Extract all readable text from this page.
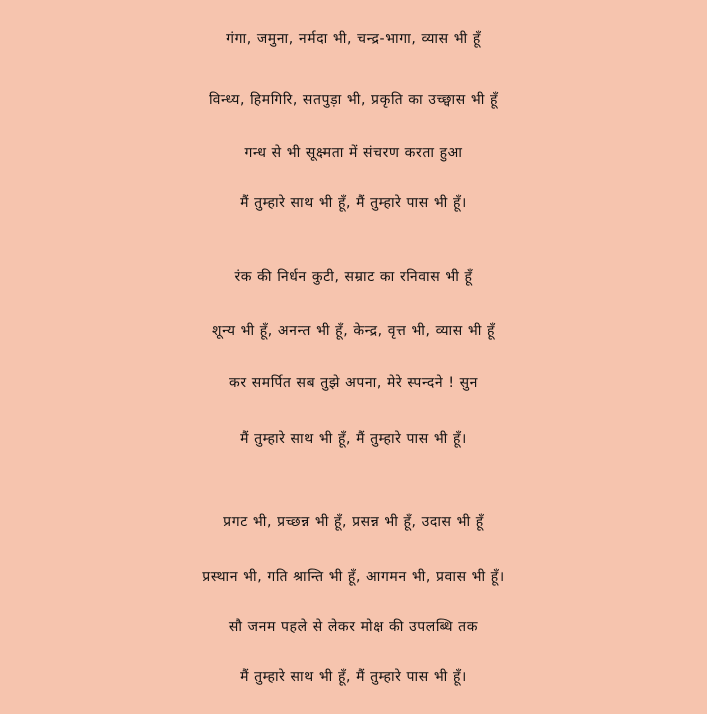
गंगा, जमुना, नर्मदा भी, चन्द्र-भागा, व्यास भी हूँ
विन्ध्य, हिमगिरि, सतपुड़ा भी, प्रकृति का उच्छ्वास भी हूँ
गन्ध से भी सूक्ष्मता में संचरण करता हुआ
मैं तुम्हारे साथ भी हूँ, मैं तुम्हारे पास भी हूँ।
रंक की निर्धन कुटी, सम्राट का रनिवास भी हूँ
शून्य भी हूँ, अनन्त भी हूँ, केन्द्र, वृत्त भी, व्यास भी हूँ
कर समर्पित सब तुझे अपना, मेरे स्पन्दने ! सुन
मैं तुम्हारे साथ भी हूँ, मैं तुम्हारे पास भी हूँ।
प्रगट भी, प्रच्छन्न भी हूँ, प्रसन्न भी हूँ, उदास भी हूँ
प्रस्थान भी, गति श्रान्ति भी हूँ, आगमन भी, प्रवास भी हूँ।
सौ जनम पहले से लेकर मोक्ष की उपलब्धि तक
मैं तुम्हारे साथ भी हूँ, मैं तुम्हारे पास भी हूँ।
